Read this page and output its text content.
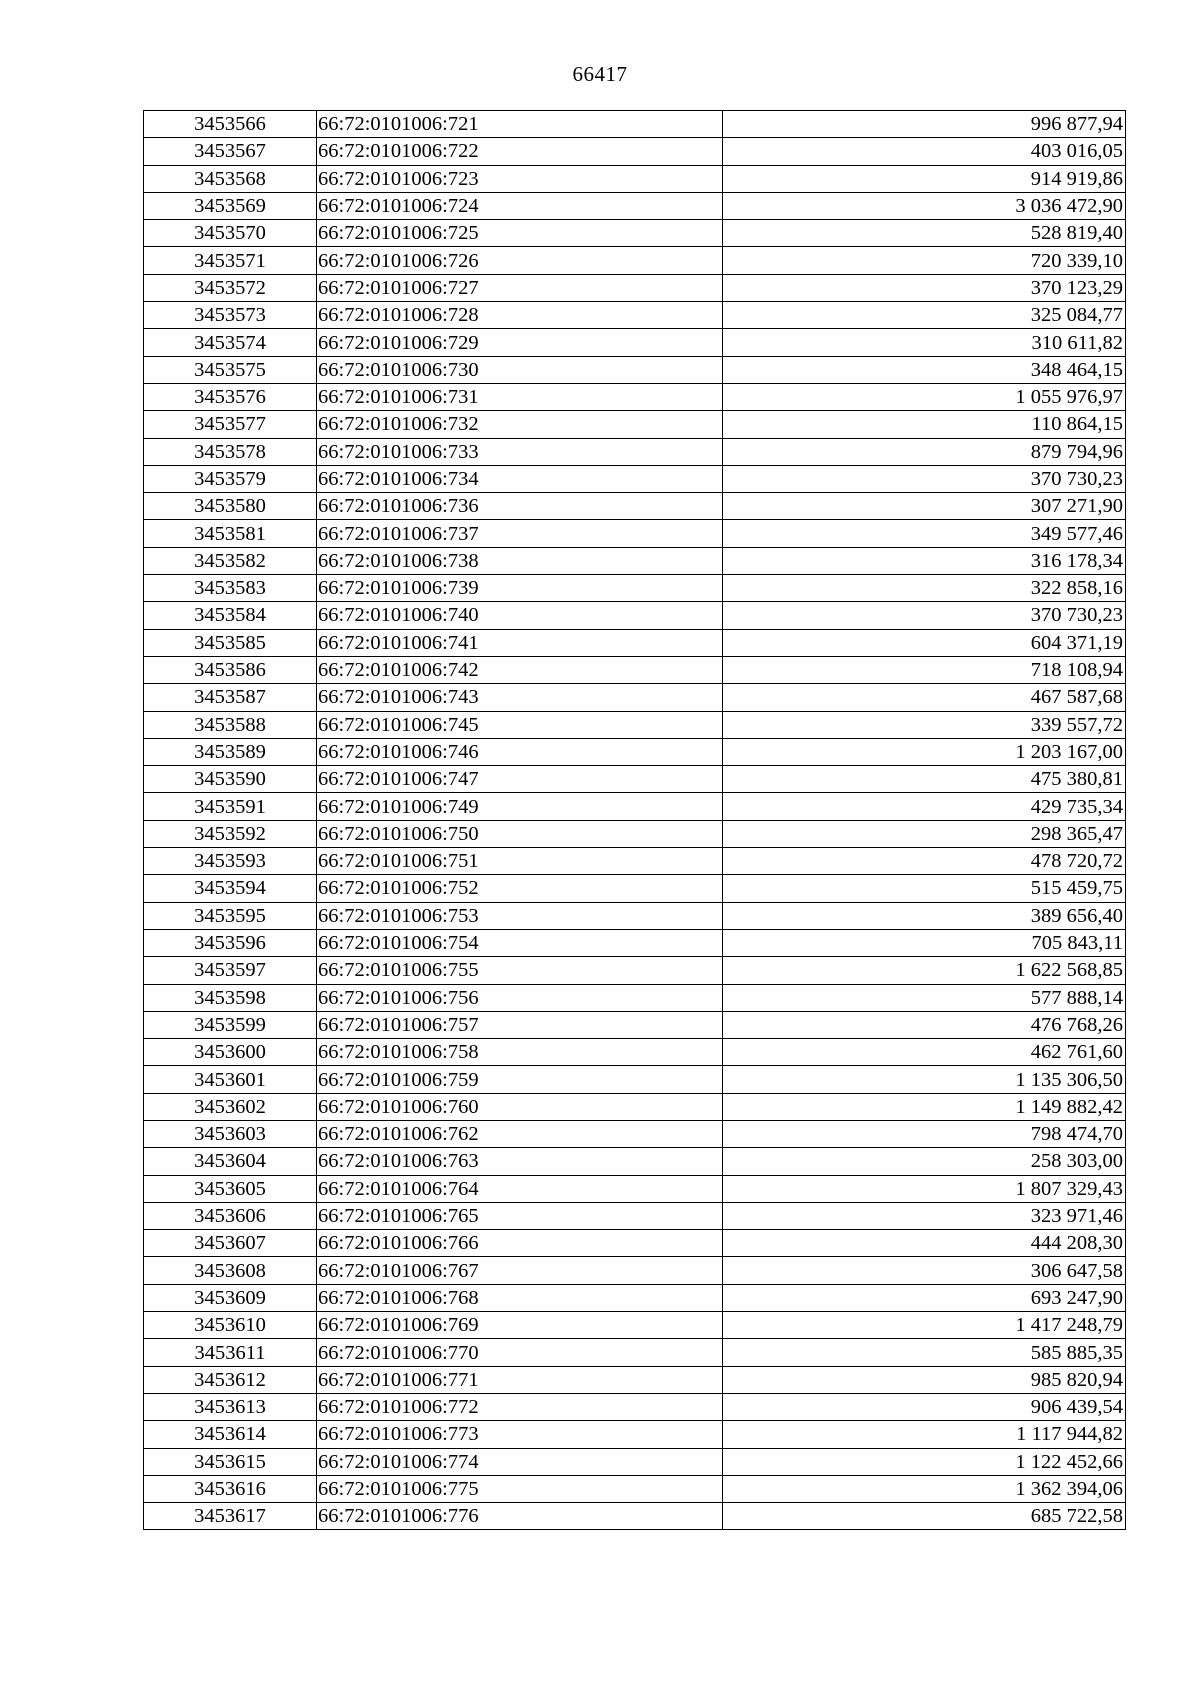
66417
3453566	66:72:0101006:721	996 877,94
3453567	66:72:0101006:722	403 016,05
3453568	66:72:0101006:723	914 919,86
3453569	66:72:0101006:724	3 036 472,90
3453570	66:72:0101006:725	528 819,40
3453571	66:72:0101006:726	720 339,10
3453572	66:72:0101006:727	370 123,29
3453573	66:72:0101006:728	325 084,77
3453574	66:72:0101006:729	310 611,82
3453575	66:72:0101006:730	348 464,15
3453576	66:72:0101006:731	1 055 976,97
3453577	66:72:0101006:732	110 864,15
3453578	66:72:0101006:733	879 794,96
3453579	66:72:0101006:734	370 730,23
3453580	66:72:0101006:736	307 271,90
3453581	66:72:0101006:737	349 577,46
3453582	66:72:0101006:738	316 178,34
3453583	66:72:0101006:739	322 858,16
3453584	66:72:0101006:740	370 730,23
3453585	66:72:0101006:741	604 371,19
3453586	66:72:0101006:742	718 108,94
3453587	66:72:0101006:743	467 587,68
3453588	66:72:0101006:745	339 557,72
3453589	66:72:0101006:746	1 203 167,00
3453590	66:72:0101006:747	475 380,81
3453591	66:72:0101006:749	429 735,34
3453592	66:72:0101006:750	298 365,47
3453593	66:72:0101006:751	478 720,72
3453594	66:72:0101006:752	515 459,75
3453595	66:72:0101006:753	389 656,40
3453596	66:72:0101006:754	705 843,11
3453597	66:72:0101006:755	1 622 568,85
3453598	66:72:0101006:756	577 888,14
3453599	66:72:0101006:757	476 768,26
3453600	66:72:0101006:758	462 761,60
3453601	66:72:0101006:759	1 135 306,50
3453602	66:72:0101006:760	1 149 882,42
3453603	66:72:0101006:762	798 474,70
3453604	66:72:0101006:763	258 303,00
3453605	66:72:0101006:764	1 807 329,43
3453606	66:72:0101006:765	323 971,46
3453607	66:72:0101006:766	444 208,30
3453608	66:72:0101006:767	306 647,58
3453609	66:72:0101006:768	693 247,90
3453610	66:72:0101006:769	1 417 248,79
3453611	66:72:0101006:770	585 885,35
3453612	66:72:0101006:771	985 820,94
3453613	66:72:0101006:772	906 439,54
3453614	66:72:0101006:773	1 117 944,82
3453615	66:72:0101006:774	1 122 452,66
3453616	66:72:0101006:775	1 362 394,06
3453617	66:72:0101006:776	685 722,58
